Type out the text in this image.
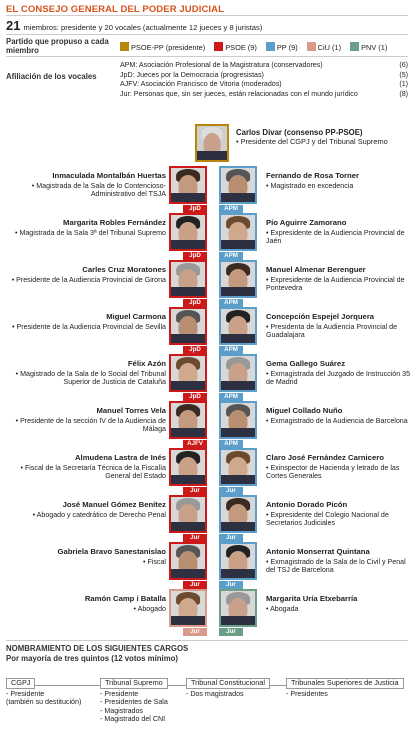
EL CONSEJO GENERAL DEL PODER JUDICIAL
21 miembros: presidente y 20 vocales (actualmente 12 jueces y 8 juristas)
Partido que propuso a cada miembro	PSOE-PP (presidente)	PSOE (9)	PP (9)	CiU (1)	PNV (1)
Afiliación de los vocales
APM: Asociación Profesional de la Magistratura (conservadores)	(6)
JpD: Jueces por la Democracia (progresistas)	(5)
AJFV: Asociación Francisco de Vitoria (moderados)	(1)
Jur: Personas que, sin ser jueces, están relacionadas con el mundo jurídico	(8)
Carlos Divar (consenso PP-PSOE)
• Presidente del CGPJ y del Tribunal Supremo
Inmaculada Montalbán Huertas
• Magistrada de la Sala de lo Contencioso-Administrativo del TSJA
JpD
Fernando de Rosa Torner
• Magistrado en excedencia
APM
Margarita Robles Fernández
• Magistrada de la Sala 3ª del Tribunal Supremo
JpD
Pío Aguirre Zamorano
• Expresidente de la Audiencia Provincial de Jaén
APM
Carles Cruz Moratones
• Presidente de la Audiencia Provincial de Girona
JpD
Manuel Almenar Berenguer
• Expresidente de la Audiencia Provincial de Pontevedra
APM
Miguel Carmona
• Presidente de la Audiencia Provincial de Sevilla
JpD
Concepción Espejel Jorquera
• Presidenta de la Audiencia Provincial de Guadalajara
APM
Félix Azón
• Magistrado de la Sala de lo Social del Tribunal Superior de Justicia de Cataluña
JpD
Gema Gallego Suárez
• Exmagistrada del Juzgado de Instrucción 35 de Madrid
APM
Manuel Torres Vela
• Presidente de la sección IV de la Audiencia de Málaga
AJFV
Miguel Collado Nuño
• Exmagistrado de la Audiencia de Barcelona
APM
Almudena Lastra de Inés
• Fiscal de la Secretaría Técnica de la Fiscalía General del Estado
Jur
Claro José Fernández Carnicero
• Exinspector de Hacienda y letrado de las Cortes Generales
Jur
José Manuel Gómez Benítez
• Abogado y catedrático de Derecho Penal
Jur
Antonio Dorado Picón
• Expresidente del Colegio Nacional de Secretarios Judiciales
Jur
Gabriela Bravo Sanestanislao
• Fiscal
Jur
Antonio Monserrat Quintana
• Exmagistrado de la Sala de lo Civil y Penal del TSJ de Barcelona
Jur
Ramón Camp i Batalla
• Abogado
Jur
Margarita Uría Etxebarría
• Abogada
Jur
NOMBRAMIENTO DE LOS SIGUIENTES CARGOS
Por mayoría de tres quintos (12 votos mínimo)
CGPJ
- Presidente
(también su destitución)
Tribunal Supremo
- Presidente
- Presidentes de Sala
- Magistrados
- Magistrado del CNI
Tribunal Constitucional
- Dos magistrados
Tribunales Superiores de Justicia
- Presidentes
